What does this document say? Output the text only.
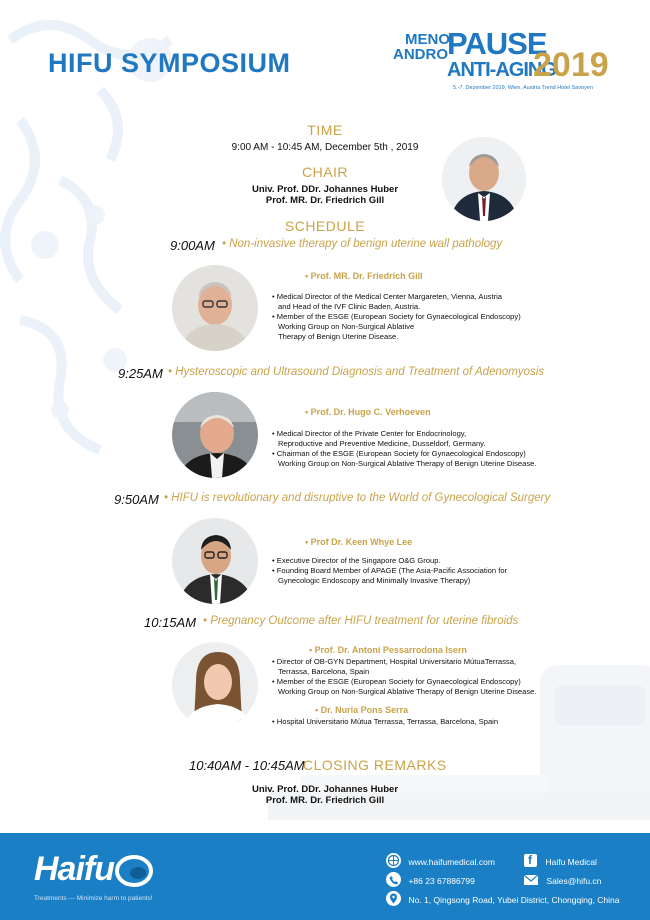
HIFU SYMPOSIUM
MENO
ANDRO PAUSE
ANTI-AGING
2019
5.-7. Dezember 2019, Wien, Austria Trend Hotel Savoyen
TIME
9:00 AM - 10:45 AM, December 5th , 2019
CHAIR
Univ. Prof. DDr. Johannes Huber
Prof. MR. Dr. Friedrich Gill
SCHEDULE
9:00AM • Non-invasive therapy of benign uterine wall pathology
• Prof. MR. Dr. Friedrich Gill
• Medical Director of the Medical Center Margareten, Vienna, Austria
and Head of the IVF Clinic Baden, Austria.
• Member of the ESGE (European Society for Gynaecological Endoscopy)
Working Group on Non-Surgical Ablative
Therapy of Benign Uterine Disease.
9:25AM • Hysteroscopic and Ultrasound Diagnosis and Treatment of Adenomyosis
• Prof. Dr. Hugo C. Verhoeven
• Medical Director of the Private Center for Endocrinology,
Reproductive and Preventive Medicine, Dusseldorf, Germany.
• Chairman of the ESGE (European Society for Gynaecological Endoscopy)
Working Group on Non-Surgical Ablative Therapy of Benign Uterine Disease.
9:50AM • HIFU is revolutionary and disruptive to the World of Gynecological Surgery
• Prof Dr. Keen Whye Lee
• Executive Director of the Singapore O&G Group.
• Founding Board Member of APAGE (The Asia-Pacific Association for
Gynecologic Endoscopy and Minimally Invasive Therapy)
10:15AM • Pregnancy Outcome after HIFU treatment for uterine fibroids
• Prof. Dr. Antoni Pessarrodona Isern
• Director of OB-GYN Department, Hospital Universitario MútuaTerrassa,
Terrassa, Barcelona, Spain
• Member of the ESGE (European Society for Gynaecological Endoscopy)
Working Group on Non-Surgical Ablative Therapy of Benign Uterine Disease.
• Dr. Nuria Pons Serra
• Hospital Universitario Mútua Terrassa, Terrassa, Barcelona, Spain
10:40AM - 10:45AM
CLOSING REMARKS
Univ. Prof. DDr. Johannes Huber
Prof. MR. Dr. Friedrich Gill
Haifu
Treatments --- Minimize harm to patients!
www.haifumedical.com
+86 23 67886799
No. 1, Qingsong Road, Yubei District, Chongqing, China
f Haifu Medical
Sales@hifu.cn
